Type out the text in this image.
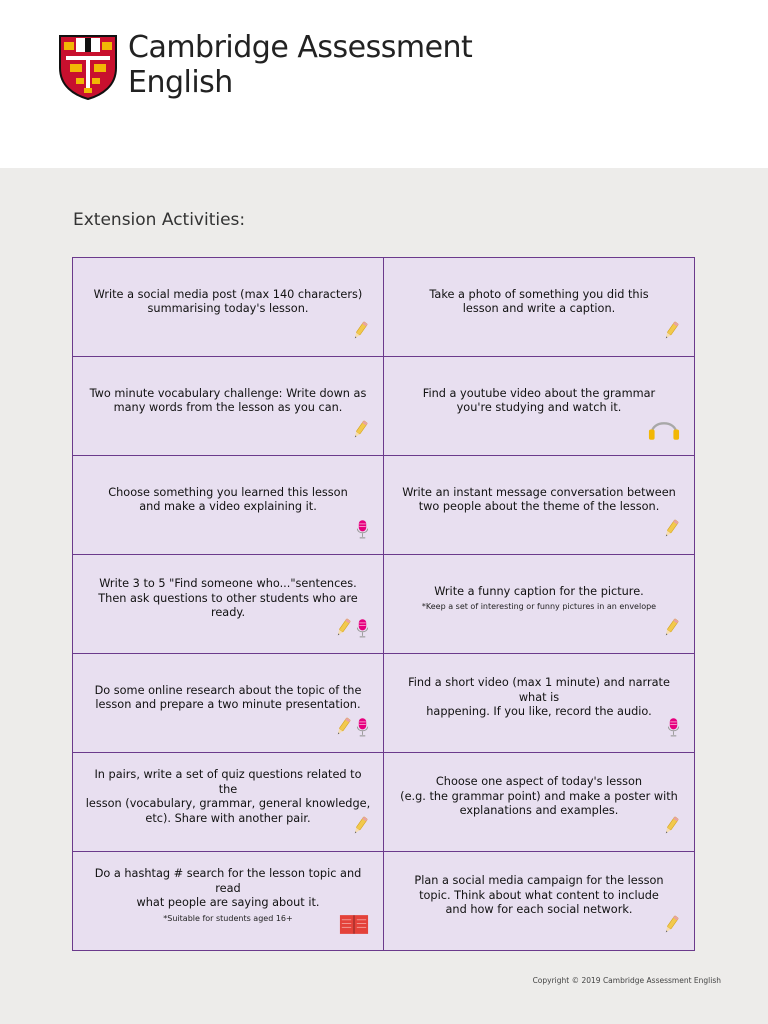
Cambridge Assessment
English
Extension Activities:
Write a social media post (max 140 characters)
summarising today's lesson.
Take a photo of something you did this
lesson and write a caption.
Two minute vocabulary challenge: Write down as
many words from the lesson as you can.
Find a youtube video about the grammar
you're studying and watch it.
Choose something you learned this lesson
and make a video explaining it.
Write an instant message conversation between
two people about the theme of the lesson.
Write 3 to 5 "Find someone who..."sentences.
Then ask questions to other students who are ready.
Write a funny caption for the picture.
*Keep a set of interesting or funny pictures in an envelope
Do some online research about the topic of the
lesson and prepare a two minute presentation.
Find a short video (max 1 minute) and narrate what is
happening. If you like, record the audio.
In pairs, write a set of quiz questions related to the
lesson (vocabulary, grammar, general knowledge,
etc). Share with another pair.
Choose one aspect of today's lesson
(e.g. the grammar point) and make a poster with
explanations and examples.
Do a hashtag # search for the lesson topic and read
what people are saying about it.
*Suitable for students aged 16+
Plan a social media campaign for the lesson
topic. Think about what content to include
and how for each social network.
Copyright © 2019 Cambridge Assessment English
